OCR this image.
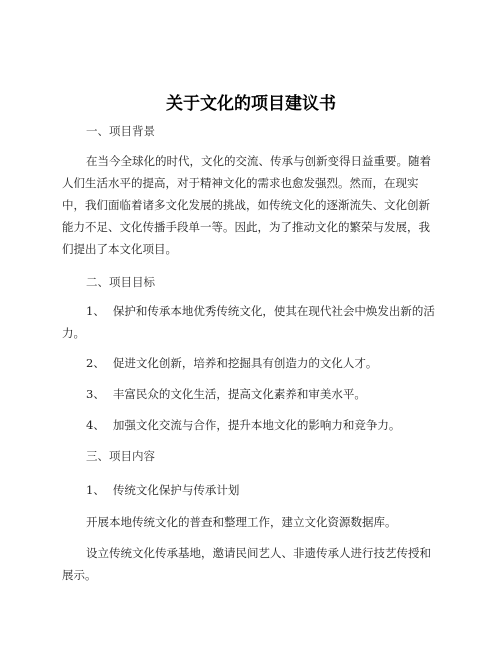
关于文化的项目建议书
一、项目背景
在当今全球化的时代，文化的交流、传承与创新变得日益重要。随着人们生活水平的提高，对于精神文化的需求也愈发强烈。然而，在现实中，我们面临着诸多文化发展的挑战，如传统文化的逐渐流失、文化创新能力不足、文化传播手段单一等。因此，为了推动文化的繁荣与发展，我们提出了本文化项目。
二、项目目标
1、 保护和传承本地优秀传统文化，使其在现代社会中焕发出新的活力。
2、 促进文化创新，培养和挖掘具有创造力的文化人才。
3、 丰富民众的文化生活，提高文化素养和审美水平。
4、 加强文化交流与合作，提升本地文化的影响力和竞争力。
三、项目内容
1、 传统文化保护与传承计划
开展本地传统文化的普查和整理工作，建立文化资源数据库。
设立传统文化传承基地，邀请民间艺人、非遗传承人进行技艺传授和展示。
